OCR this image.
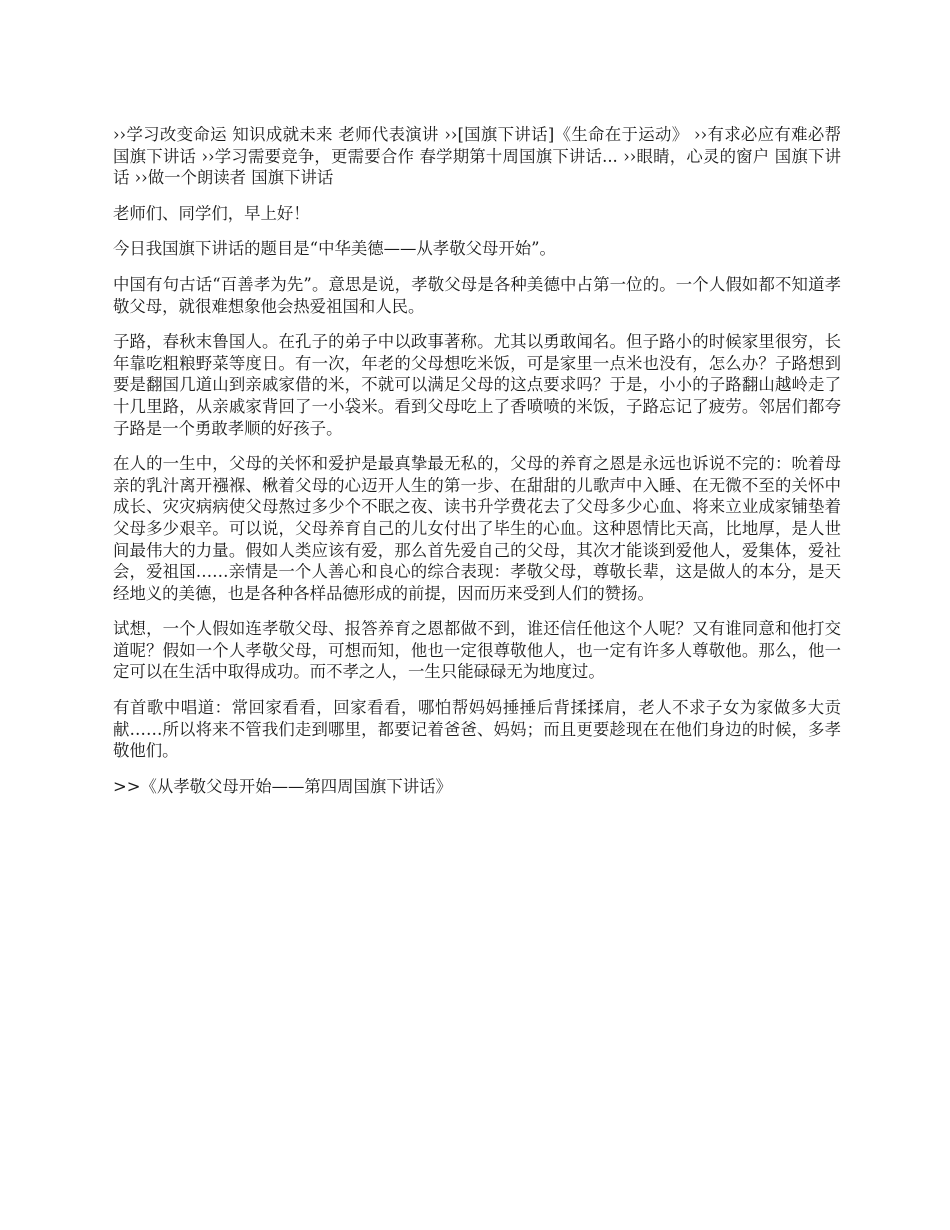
››学习改变命运 知识成就未来 老师代表演讲 ››[国旗下讲话]《生命在于运动》 ››有求必应有难必帮 国旗下讲话 ››学习需要竞争，更需要合作 春学期第十周国旗下讲话... ››眼睛，心灵的窗户 国旗下讲话 ››做一个朗读者 国旗下讲话

老师们、同学们，早上好！

今日我国旗下讲话的题目是“中华美德——从孝敬父母开始”。

中国有句古话“百善孝为先”。意思是说，孝敬父母是各种美德中占第一位的。一个人假如都不知道孝敬父母，就很难想象他会热爱祖国和人民。

子路，春秋末鲁国人。在孔子的弟子中以政事著称。尤其以勇敢闻名。但子路小的时候家里很穷，长年靠吃粗粮野菜等度日。有一次，年老的父母想吃米饭，可是家里一点米也没有，怎么办？子路想到要是翻国几道山到亲戚家借的米，不就可以满足父母的这点要求吗？于是，小小的子路翻山越岭走了十几里路，从亲戚家背回了一小袋米。看到父母吃上了香喷喷的米饭，子路忘记了疲劳。邻居们都夸子路是一个勇敢孝顺的好孩子。

在人的一生中，父母的关怀和爱护是最真挚最无私的，父母的养育之恩是永远也诉说不完的：吮着母亲的乳汁离开襁褓、楸着父母的心迈开人生的第一步、在甜甜的儿歌声中入睡、在无微不至的关怀中成长、灾灾病病使父母熬过多少个不眠之夜、读书升学费花去了父母多少心血、将来立业成家铺垫着父母多少艰辛。可以说，父母养育自己的儿女付出了毕生的心血。这种恩情比天高，比地厚，是人世间最伟大的力量。假如人类应该有爱，那么首先爱自己的父母，其次才能谈到爱他人，爱集体，爱社会，爱祖国……亲情是一个人善心和良心的综合表现：孝敬父母，尊敬长辈，这是做人的本分，是天经地义的美德，也是各种各样品德形成的前提，因而历来受到人们的赞扬。

试想，一个人假如连孝敬父母、报答养育之恩都做不到，谁还信任他这个人呢？又有谁同意和他打交道呢？假如一个人孝敬父母，可想而知，他也一定很尊敬他人，也一定有许多人尊敬他。那么，他一定可以在生活中取得成功。而不孝之人，一生只能碌碌无为地度过。

有首歌中唱道：常回家看看，回家看看，哪怕帮妈妈捶捶后背揉揉肩，老人不求子女为家做多大贡献……所以将来不管我们走到哪里，都要记着爸爸、妈妈；而且更要趁现在在他们身边的时候，多孝敬他们。

>>《从孝敬父母开始——第四周国旗下讲话》
